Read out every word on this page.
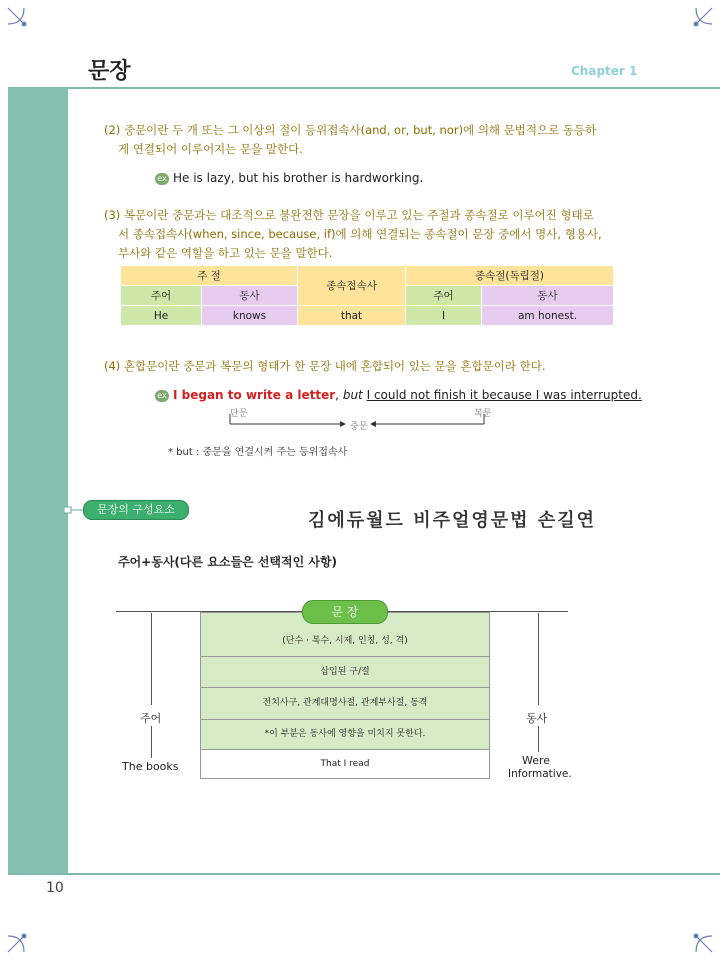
문장	Chapter 1
10
(2) 중문이란 두 개 또는 그 이상의 절이 등위접속사(and, or, but, nor)에 의해 문법적으로 동등하
게 연결되어 이루어지는 문을 말한다.
ex He is lazy, but his brother is hardworking.
(3) 복문이란 중문과는 대조적으로 불완전한 문장을 이루고 있는 주절과 종속절로 이루어진 형태로
서 종속접속사(when, since, because, if)에 의해 연결되는 종속절이 문장 중에서 명사, 형용사,
부사와 같은 역할을 하고 있는 문을 말한다.
주 절		종속접속사	종속절(독립절)	
주어	동사		주어	동사
He	knows	that	I	am honest.
(4) 혼합문이란 중문과 복문의 형태가 한 문장 내에 혼합되어 있는 문을 혼합문이라 한다.
ex I began to write a letter, but I could not finish it because I was interrupted.
단문	복문
중문
* but : 중문을 연결시켜 주는 등위접속사
문장의 구성요소
김에듀월드 비주얼영문법 손길연
주어+동사(다른 요소들은 선택적인 사항)
(단수 · 복수, 시제, 인칭, 성, 격)
삽입된 구/절
전치사구, 관계대명사절, 관계부사절, 동격
*이 부분은 동사에 영향을 미치지 못한다.
That I read
문 장
주어
The books
동사
Were
Informative.
